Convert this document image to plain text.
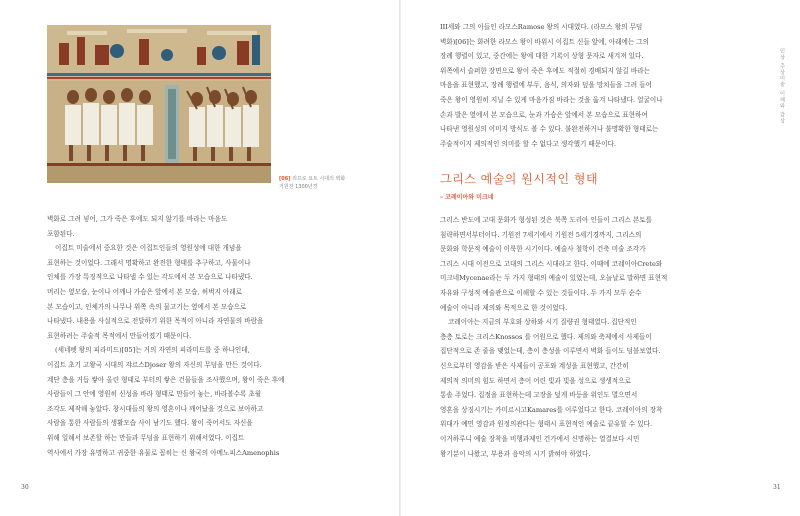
[06] 리프로 요트 시대의 벽화
기원전 1300년경

벽화로 그려 넣어, 그가 죽은 후에도 되지 않기를 바라는 마음도

포함된다.

이집트 미술에서 중요한 것은 이집트인들의 영원성에 대한 개념을

표현하는 것이었다. 그래서 명확하고 완전한 형태를 추구하고, 사물이나

인체를 가장 특징적으로 나타낼 수 있는 각도에서 본 모습으로 나타냈다.

머리는 옆모습, 눈이나 어깨나 가슴은 앞에서 본 모습, 허벅지 아래로

본 모습이고, 인체가의 나무나 위쪽 속의 물고기는 옆에서 본 모습으로

나타냈다. 내용을 사실적으로 전달하기 위한 목적이 아니라 자연물의 바람을

표현하려는 주술적 목적에서 만들어졌기 때문이다.

(세네펫 왕의 피라미드)[05]는 거의 자연의 피라미드를 중 하나인데,

이집트 초기 고왕국 시대의 쟈르스Djoser 왕의 자신의 무덤을 만든 것이다.

계단 층을 거듭 쌓아 올린 형태로 부터의 쌓은 건물들을 조사했으며, 왕이 죽은 후에

사람들이 그 안에 영원히 신성을 바라 형태로 만들어 놓는, 바라볼수록 초월

조각도 제작해 놓았다. 창시대들의 왕의 영혼이나 깨어났을 것으로 보아하고

사람을 통한 사람들의 생활모습 사이 남기도 했다. 왕이 죽어서도 자신을

위해 일해서 보존할 하는 만들과 무덤을 표현하기 위해서였다. 이집트

역사에서 가장 유명하고 귀중한 유물로 꼽히는 신 왕국의 아메노피스Amenophis

30

III세와 그의 아들인 라모스Ramose 왕의 시대였다. (라모스 왕의 무덤

벽화)[06]는 화려한 라모스 왕이 바위시 이집트 신들 앞에, 아래에는 그의

장례 행렬이 있고, 중간에는 왕에 대한 기록이 상형 문자로 새겨져 있다.

위쪽에서 슬퍼한 장면으로 왕이 죽은 후에도 적절히 경배되지 않길 바라는

마음을 표현했고, 장례 행렬에 부두, 음식, 의자와 덮을 망치들을 그려 들어

죽은 왕이 영원히 지닐 수 있게 마음가짐 바라는 것을 옮겨 나타냈다. 얼굴이나

손과 발은 옆에서 본 모습으로, 눈과 가슴은 앞에서 본 모습으로 표현하여

나타낸 영원성의 이미지 방식도 볼 수 있다. 불완전하거나 불명확한 형태로는

주술적이지 제의적인 의미를 할 수 없다고 생각했기 때문이다.

그리스 예술의 원시적인 형태
– 코레이아와 미크네

그리스 반도에 고대 문화가 형성된 것은 북쪽 도리아 인들이 그리스 본토를

침략하면서부터이다. 기원전 7세기에서 기원전 5세기경까지, 그리스의

문화와 학문적 예술이 이룩한 시기이다. 예술사 철학이 건축 미술 조각가

그리스 시대 이전으로 고대의 그리스 시대라고 한다. 이때에 코레이아Crete와

미크네Mycenae라는 두 가지 형태의 예술이 있었는데, 오늘날로 말하면 표현적

자유와 구성적 예술관으로 이해할 수 있는 것들이다. 두 가지 모두 순수

예술이 아니라 제의와 목적으로 한 것이었다.

코레이아는 지금의 부호와 상하와 시기 질량권 형태였다. 집단적인

층층 토로는 크리스Knossos 를 어원으로 했다. 제의와 축제에서 사제들이

집단적으로 존 줄을 맺었는데, 층이 층성을 이루면서 벽화 들이도 덤블보였다.

신으로부터 영감을 받은 사제들이 공포와 계성을 표현했고, 간간히

제의적 의미의 힘도 하면서 층이 어린 빛과 빛을 성으로 생생적으로

통솔 주었다. 집정을 표현하는데 고장을 덮게 바등을 위인도 멸으면서

영혼을 상징시기는 카미르시고Kamares를 이루었다고 한다. 코레이아의 장착

위대가 예민 영감과 원정의관다는 형태시 표현적인 예술로 끝유할 수 있다.

이거하루니 예술 장착을 비행과제인 건가에서 신명하는 열결보다 시민

왕기분이 나왔고, 부용과 음악의 시기 밝혀야 하였다.

인상 추상미술 이해와 감상
31
